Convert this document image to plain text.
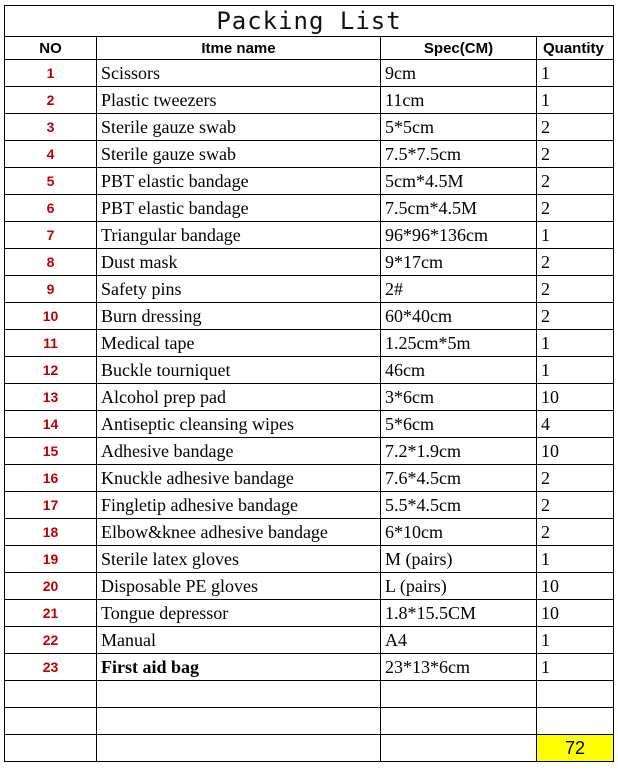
Packing List			
NO	Itme name	Spec(CM)	Quantity
1	Scissors	9cm	1
2	Plastic tweezers	11cm	1
3	Sterile gauze swab	5*5cm	2
4	Sterile gauze swab	7.5*7.5cm	2
5	PBT elastic bandage	5cm*4.5M	2
6	PBT elastic bandage	7.5cm*4.5M	2
7	Triangular bandage	96*96*136cm	1
8	Dust mask	9*17cm	2
9	Safety pins	2#	2
10	Burn dressing	60*40cm	2
11	Medical tape	1.25cm*5m	1
12	Buckle tourniquet	46cm	1
13	Alcohol prep pad	3*6cm	10
14	Antiseptic cleansing wipes	5*6cm	4
15	Adhesive bandage	7.2*1.9cm	10
16	Knuckle adhesive bandage	7.6*4.5cm	2
17	Fingletip adhesive bandage	5.5*4.5cm	2
18	Elbow&knee adhesive bandage	6*10cm	2
19	Sterile latex gloves	M (pairs)	1
20	Disposable PE gloves	L (pairs)	10
21	Tongue depressor	1.8*15.5CM	10
22	Manual	A4	1
23	First aid bag	23*13*6cm	1

			72
